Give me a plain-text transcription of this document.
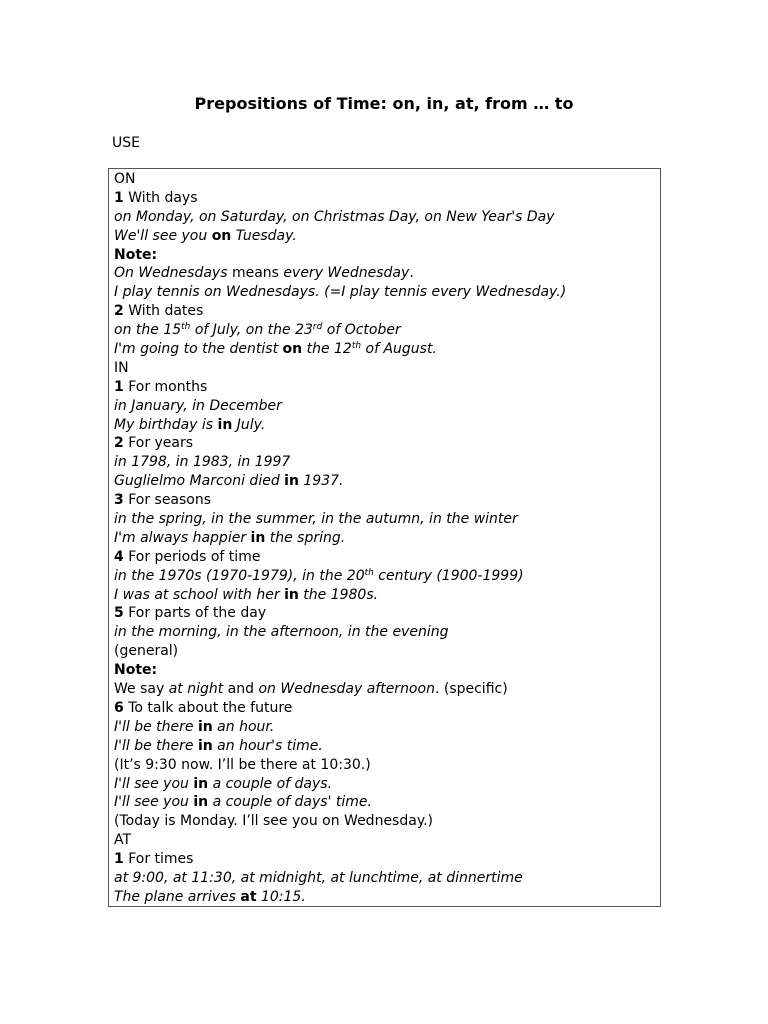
Prepositions of Time: on, in, at, from … to
USE
ON
1 With days
on Monday, on Saturday, on Christmas Day, on New Year's Day
We'll see you on Tuesday.
Note:
On Wednesdays means every Wednesday.
I play tennis on Wednesdays. (=I play tennis every Wednesday.)
2 With dates
on the 15th of July, on the 23rd of October
I'm going to the dentist on the 12th of August.
IN
1 For months
in January, in December
My birthday is in July.
2 For years
in 1798, in 1983, in 1997
Guglielmo Marconi died in 1937.
3 For seasons
in the spring, in the summer, in the autumn, in the winter
I'm always happier in the spring.
4 For periods of time
in the 1970s (1970-1979), in the 20th century (1900-1999)
I was at school with her in the 1980s.
5 For parts of the day
in the morning, in the afternoon, in the evening
(general)
Note:
We say at night and on Wednesday afternoon. (specific)
6 To talk about the future
I'll be there in an hour.
I'll be there in an hour's time.
(It’s 9:30 now. I’ll be there at 10:30.)
I'll see you in a couple of days.
I'll see you in a couple of days' time.
(Today is Monday. I’ll see you on Wednesday.)
AT
1 For times
at 9:00, at 11:30, at midnight, at lunchtime, at dinnertime
The plane arrives at 10:15.
